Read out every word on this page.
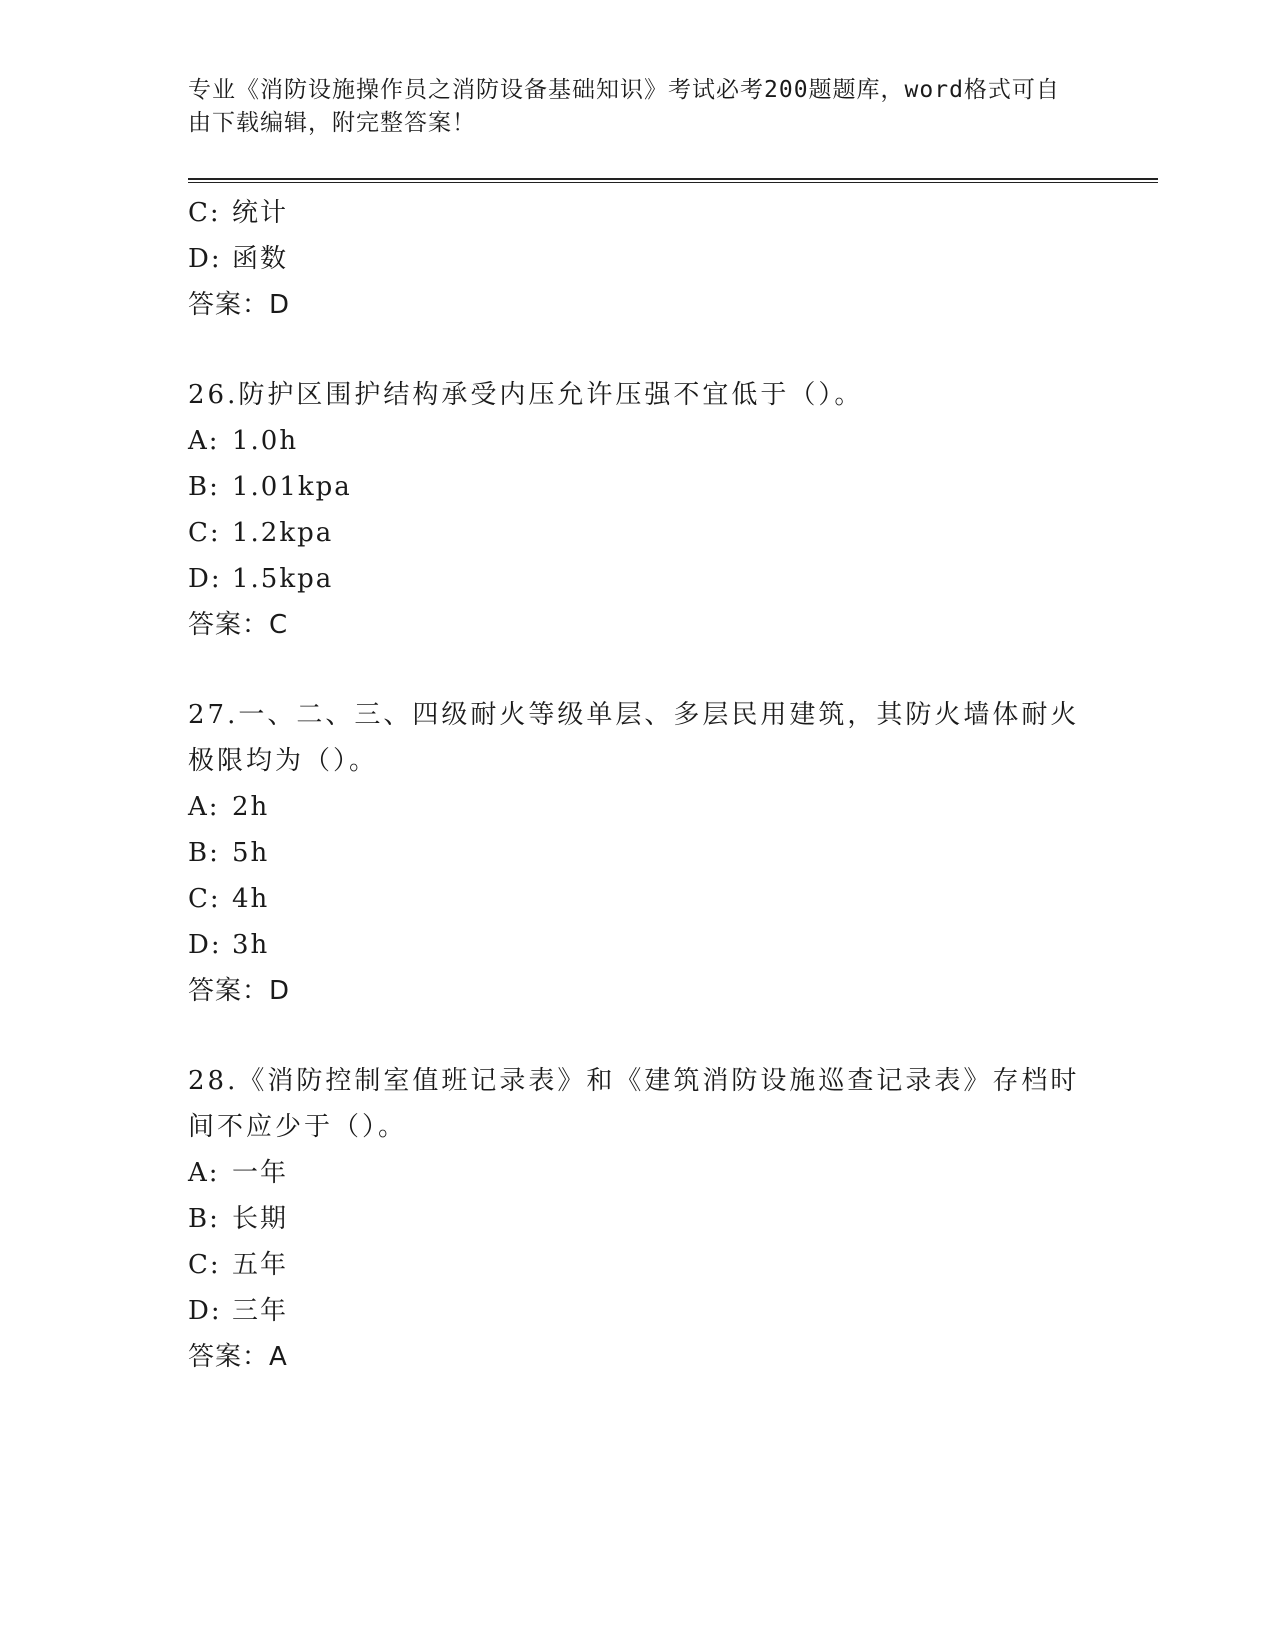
专业《消防设施操作员之消防设备基础知识》考试必考200题题库，word格式可自由下载编辑，附完整答案！
C: 统计
D: 函数
答案：D
26.防护区围护结构承受内压允许压强不宜低于（）。
A: 1.0h
B: 1.01kpa
C: 1.2kpa
D: 1.5kpa
答案：C
27.一、二、三、四级耐火等级单层、多层民用建筑，其防火墙体耐火极限均为（）。
A: 2h
B: 5h
C: 4h
D: 3h
答案：D
28.《消防控制室值班记录表》和《建筑消防设施巡查记录表》存档时间不应少于（）。
A: 一年
B: 长期
C: 五年
D: 三年
答案：A
